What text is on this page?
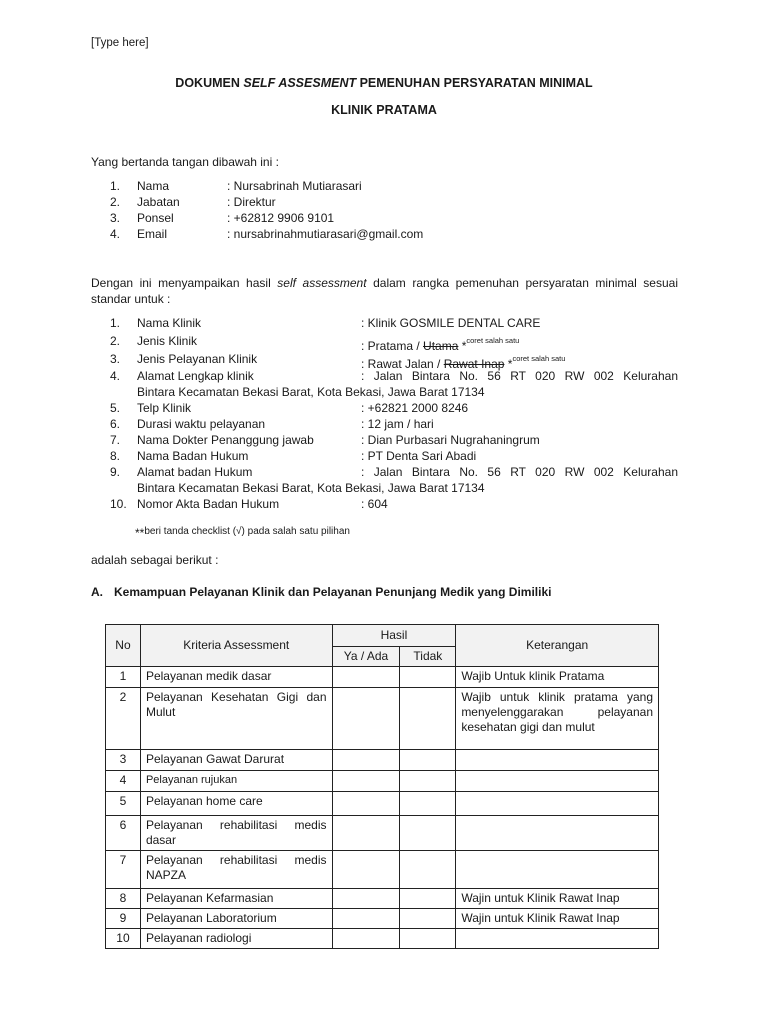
[Type here]
DOKUMEN SELF ASSESMENT PEMENUHAN PERSYARATAN MINIMAL
KLINIK PRATAMA
Yang bertanda tangan dibawah ini :
1.	Nama	: Nursabrinah Mutiarasari
2.	Jabatan	: Direktur
3.	Ponsel	: +62812 9906 9101
4.	Email	: nursabrinahmutiarasari@gmail.com
Dengan ini menyampaikan hasil self assessment dalam rangka pemenuhan persyaratan minimal sesuai standar untuk :
1.	Nama Klinik	: Klinik GOSMILE DENTAL CARE
2.	Jenis Klinik	: Pratama / Utama *$^{coret salah satu}$
3.	Jenis Pelayanan Klinik	: Rawat Jalan / Rawat Inap *$^{coret salah satu}$
4.	Alamat Lengkap klinik	: Jalan Bintara No. 56 RT 020 RW 002 Kelurahan
Bintara Kecamatan Bekasi Barat, Kota Bekasi, Jawa Barat 17134
5.	Telp Klinik	: +62821 2000 8246
6.	Durasi waktu pelayanan	: 12 jam / hari
7.	Nama Dokter Penanggung jawab	: Dian Purbasari Nugrahaningrum
8.	Nama Badan Hukum	: PT Denta Sari Abadi
9.	Alamat badan Hukum	: Jalan Bintara No. 56 RT 020 RW 002 Kelurahan
Bintara Kecamatan Bekasi Barat, Kota Bekasi, Jawa Barat 17134
10. Nomor Akta Badan Hukum	: 604
**beri tanda checklist (√) pada salah satu pilihan
adalah sebagai berikut :
A. Kemampuan Pelayanan Klinik dan Pelayanan Penunjang Medik yang Dimiliki
No	Kriteria Assessment	Hasil		Keterangan
		Ya / Ada	Tidak	
1	Pelayanan medik dasar			Wajib Untuk klinik Pratama
2	Pelayanan Kesehatan Gigi dan Mulut			Wajib untuk klinik pratama yang menyelenggarakan pelayanan kesehatan gigi dan mulut
3	Pelayanan Gawat Darurat			
4	Pelayanan rujukan			
5	Pelayanan home care			
6	Pelayanan rehabilitasi medis dasar			
7	Pelayanan rehabilitasi medis NAPZA			
8	Pelayanan Kefarmasian			Wajin untuk Klinik Rawat Inap
9	Pelayanan Laboratorium			Wajin untuk Klinik Rawat Inap
10	Pelayanan radiologi			
